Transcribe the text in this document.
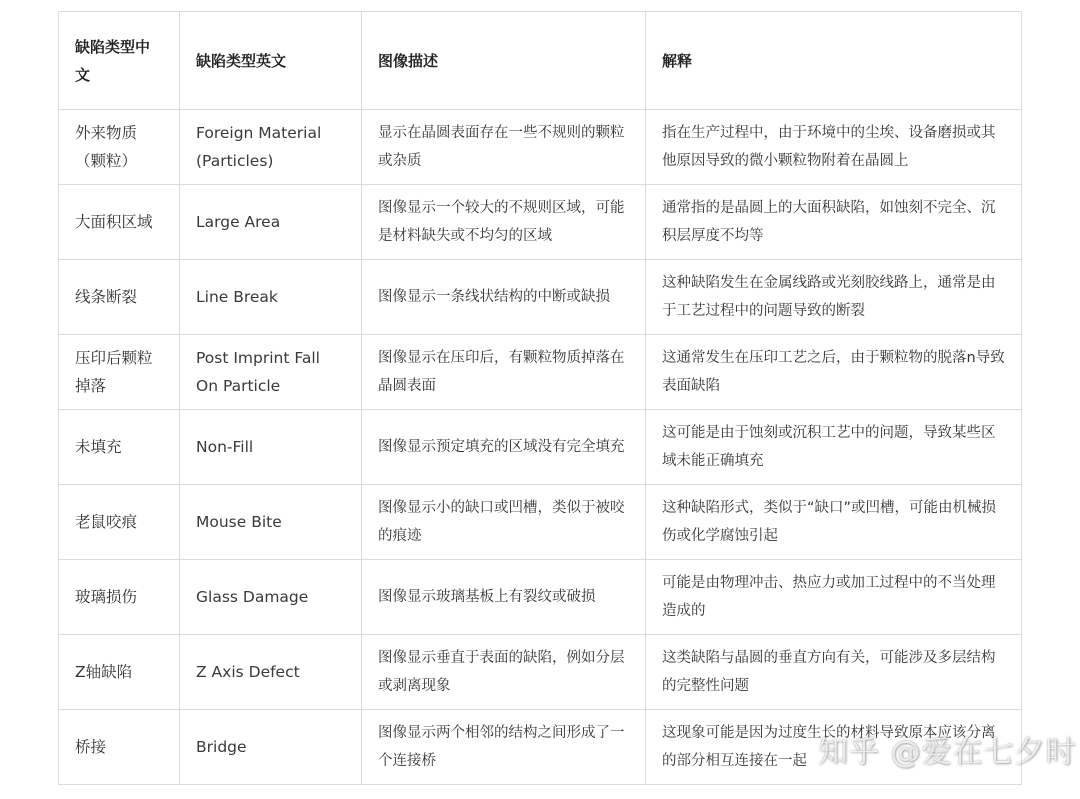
缺陷类型中文	缺陷类型英文	图像描述	解释
外来物质（颗粒）	Foreign Material (Particles)	显示在晶圆表面存在一些不规则的颗粒或杂质	指在生产过程中，由于环境中的尘埃、设备磨损或其他原因导致的微小颗粒物附着在晶圆上
大面积区域	Large Area	图像显示一个较大的不规则区域，可能是材料缺失或不均匀的区域	通常指的是晶圆上的大面积缺陷，如蚀刻不完全、沉积层厚度不均等
线条断裂	Line Break	图像显示一条线状结构的中断或缺损	这种缺陷发生在金属线路或光刻胶线路上，通常是由于工艺过程中的问题导致的断裂
压印后颗粒掉落	Post Imprint Fall On Particle	图像显示在压印后，有颗粒物质掉落在晶圆表面	这通常发生在压印工艺之后，由于颗粒物的脱落n导致表面缺陷
未填充	Non-Fill	图像显示预定填充的区域没有完全填充	这可能是由于蚀刻或沉积工艺中的问题，导致某些区域未能正确填充
老鼠咬痕	Mouse Bite	图像显示小的缺口或凹槽，类似于被咬的痕迹	这种缺陷形式，类似于“缺口”或凹槽，可能由机械损伤或化学腐蚀引起
玻璃损伤	Glass Damage	图像显示玻璃基板上有裂纹或破损	可能是由物理冲击、热应力或加工过程中的不当处理造成的
Z轴缺陷	Z Axis Defect	图像显示垂直于表面的缺陷，例如分层或剥离现象	这类缺陷与晶圆的垂直方向有关，可能涉及多层结构的完整性问题
桥接	Bridge	图像显示两个相邻的结构之间形成了一个连接桥	这现象可能是因为过度生长的材料导致原本应该分离的部分相互连接在一起 知乎 @爱在七夕时
